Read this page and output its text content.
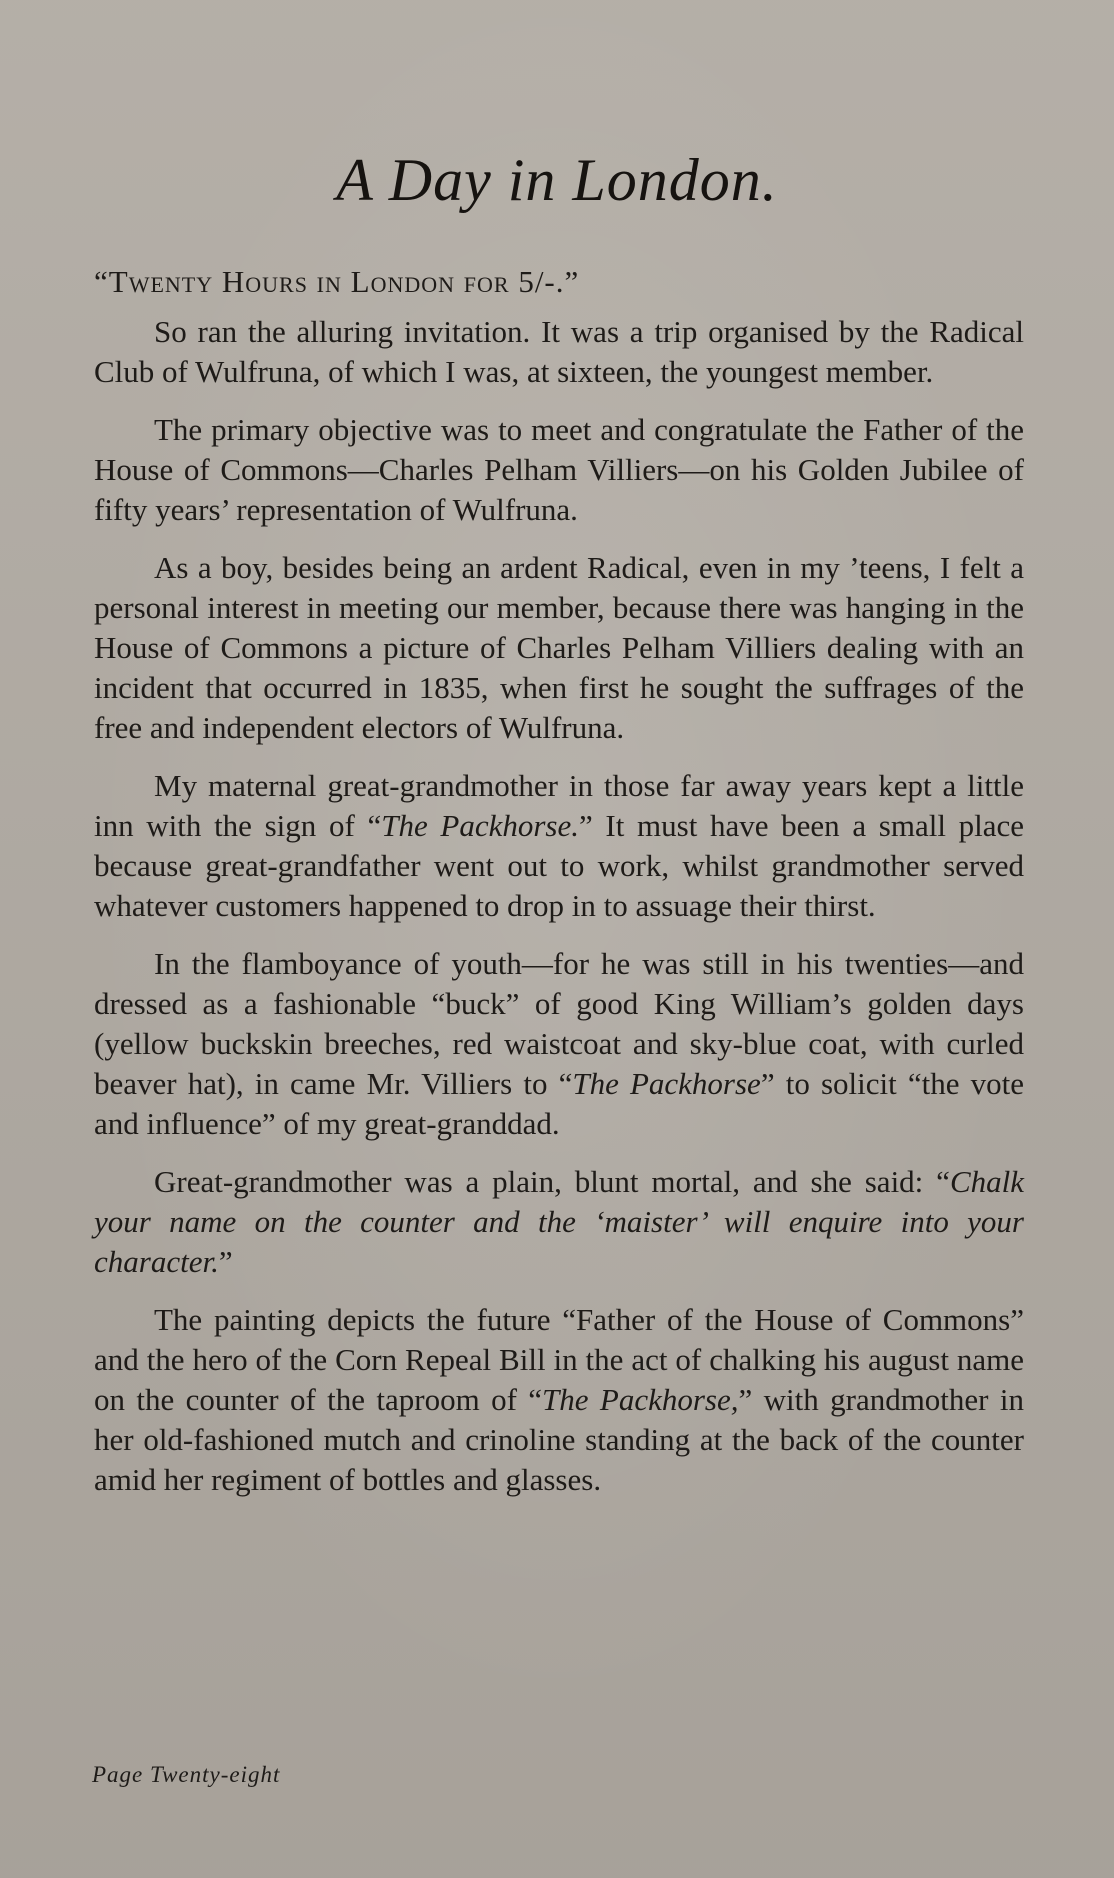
A Day in London.
“Twenty Hours in London for 5/-.”

So ran the alluring invitation. It was a trip organised by the Radical Club of Wulfruna, of which I was, at sixteen, the youngest member.

The primary objective was to meet and congratulate the Father of the House of Commons—Charles Pelham Villiers—on his Golden Jubilee of fifty years’ representation of Wulfruna.

As a boy, besides being an ardent Radical, even in my ’teens, I felt a personal interest in meeting our member, because there was hanging in the House of Commons a picture of Charles Pelham Villiers dealing with an incident that occurred in 1835, when first he sought the suffrages of the free and independent electors of Wulfruna.

My maternal great-grandmother in those far away years kept a little inn with the sign of “The Packhorse.” It must have been a small place because great-grandfather went out to work, whilst grandmother served whatever customers happened to drop in to assuage their thirst.

In the flamboyance of youth—for he was still in his twenties—and dressed as a fashionable “buck” of good King William’s golden days (yellow buckskin breeches, red waistcoat and sky-blue coat, with curled beaver hat), in came Mr. Villiers to “The Packhorse” to solicit “the vote and influence” of my great-granddad.

Great-grandmother was a plain, blunt mortal, and she said: “Chalk your name on the counter and the ‘maister’ will enquire into your character.”

The painting depicts the future “Father of the House of Commons” and the hero of the Corn Repeal Bill in the act of chalking his august name on the counter of the taproom of “The Packhorse,” with grandmother in her old-fashioned mutch and crinoline standing at the back of the counter amid her regiment of bottles and glasses.

Page Twenty-eight
